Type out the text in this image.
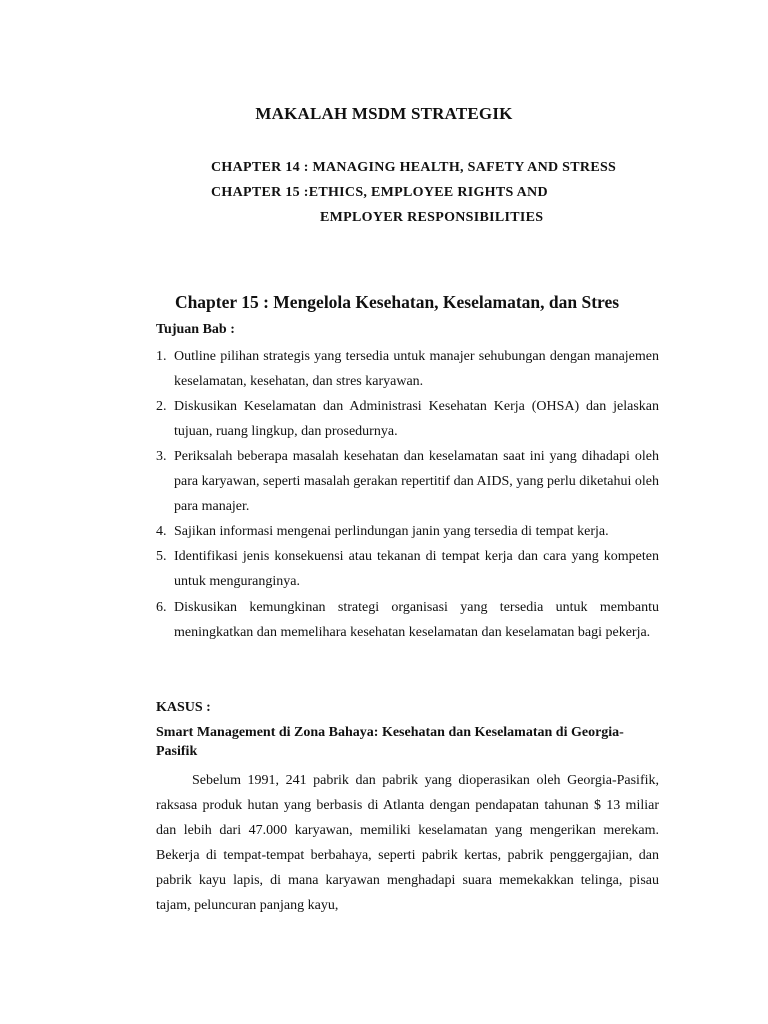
MAKALAH MSDM STRATEGIK
CHAPTER 14 : MANAGING HEALTH, SAFETY AND STRESS
CHAPTER 15 :ETHICS, EMPLOYEE RIGHTS AND
EMPLOYER RESPONSIBILITIES
Chapter 15 : Mengelola Kesehatan, Keselamatan, dan Stres
Tujuan Bab :
1. Outline pilihan strategis yang tersedia untuk manajer sehubungan dengan manajemen keselamatan, kesehatan, dan stres karyawan.
2. Diskusikan Keselamatan dan Administrasi Kesehatan Kerja (OHSA) dan jelaskan tujuan, ruang lingkup, dan prosedurnya.
3. Periksalah beberapa masalah kesehatan dan keselamatan saat ini yang dihadapi oleh para karyawan, seperti masalah gerakan repertitif dan AIDS, yang perlu diketahui oleh para manajer.
4. Sajikan informasi mengenai perlindungan janin yang tersedia di tempat kerja.
5. Identifikasi jenis konsekuensi atau tekanan di tempat kerja dan cara yang kompeten untuk menguranginya.
6. Diskusikan kemungkinan strategi organisasi yang tersedia untuk membantu meningkatkan dan memelihara kesehatan keselamatan dan keselamatan bagi pekerja.
KASUS :
Smart Management di Zona Bahaya: Kesehatan dan Keselamatan di Georgia-Pasifik
Sebelum 1991, 241 pabrik dan pabrik yang dioperasikan oleh Georgia-Pasifik, raksasa produk hutan yang berbasis di Atlanta dengan pendapatan tahunan $ 13 miliar dan lebih dari 47.000 karyawan, memiliki keselamatan yang mengerikan merekam. Bekerja di tempat-tempat berbahaya, seperti pabrik kertas, pabrik penggergajian, dan pabrik kayu lapis, di mana karyawan menghadapi suara memekakkan telinga, pisau tajam, peluncuran panjang kayu,
